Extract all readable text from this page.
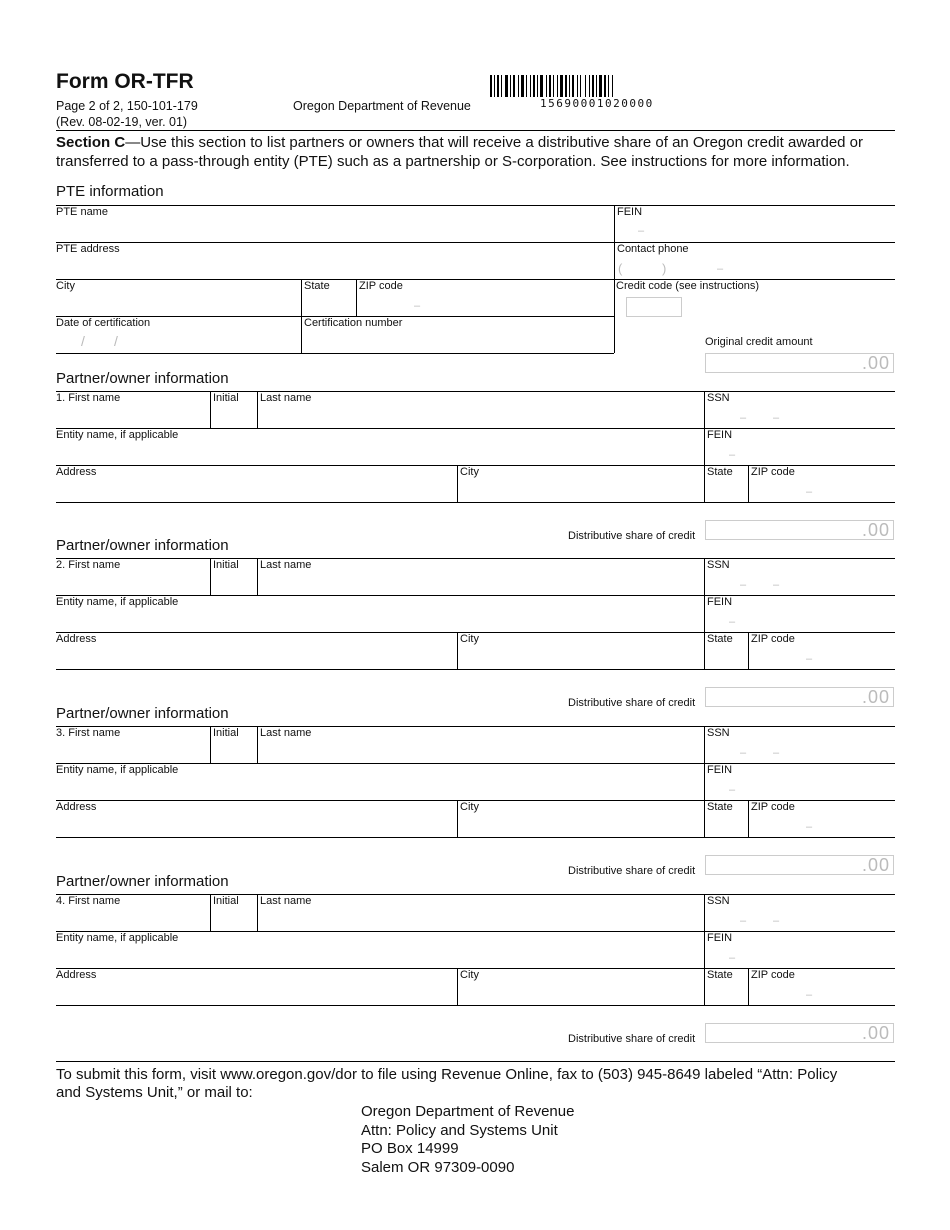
Form OR-TFR
Page 2 of 2, 150-101-179
(Rev. 08-02-19, ver. 01)
Oregon Department of Revenue	15690001020000
Section C—Use this section to list partners or owners that will receive a distributive share of an Oregon credit awarded or transferred to a pass-through entity (PTE) such as a partnership or S-corporation. See instructions for more information.
PTE information
PTE name	FEIN
–
PTE address	Contact phone
(	)	–
City	State	ZIP code
–
Credit code (see instructions)
Date of certification
/ /
Certification number
Original credit amount
.00
Partner/owner information
1. First name	Initial Last name	SSN
– –
Entity name, if applicable	FEIN
–
Address	City	State ZIP code
–
Distributive share of credit	.00
Partner/owner information
2. First name	Initial Last name	SSN
– –
Entity name, if applicable	FEIN
–
Address	City	State ZIP code
–
Distributive share of credit	.00
Partner/owner information
3. First name	Initial Last name	SSN
– –
Entity name, if applicable	FEIN
–
Address	City	State ZIP code
–
Distributive share of credit	.00
Partner/owner information
4. First name	Initial Last name	SSN
– –
Entity name, if applicable	FEIN
–
Address	City	State ZIP code
–
Distributive share of credit	.00
To submit this form, visit www.oregon.gov/dor to file using Revenue Online, fax to (503) 945-8649 labeled “Attn: Policy and Systems Unit,” or mail to:
Oregon Department of Revenue
Attn: Policy and Systems Unit
PO Box 14999
Salem OR 97309-0090
